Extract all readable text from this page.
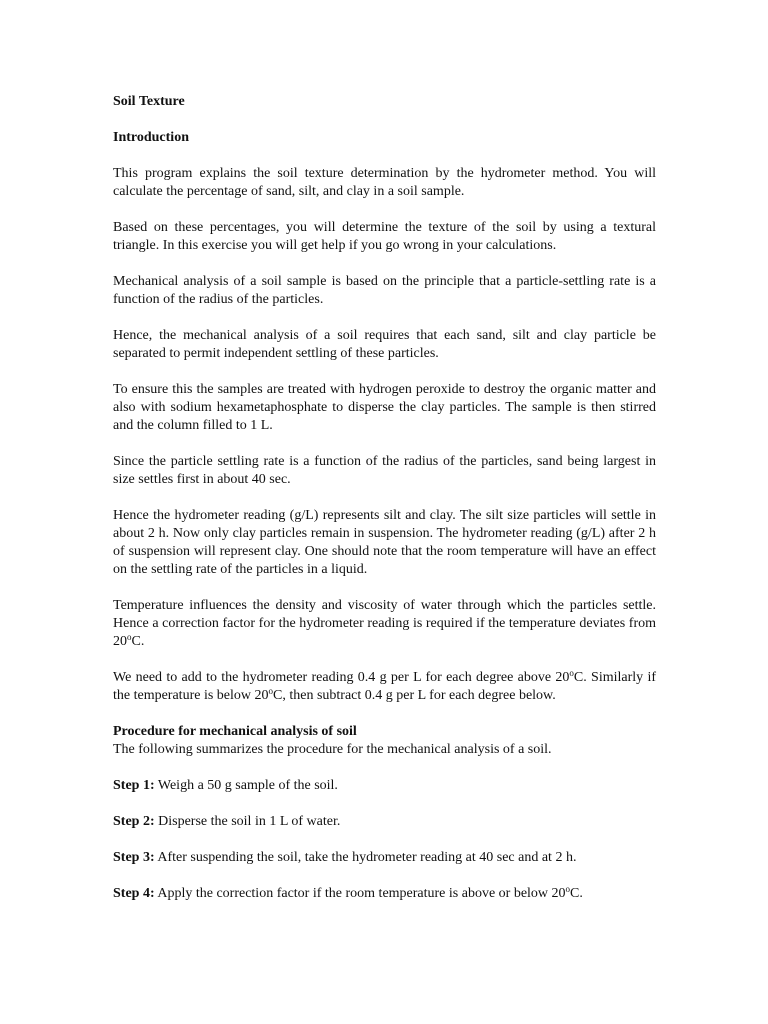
Soil Texture

Introduction

This program explains the soil texture determination by the hydrometer method. You will calculate the percentage of sand, silt, and clay in a soil sample.

Based on these percentages, you will determine the texture of the soil by using a textural triangle. In this exercise you will get help if you go wrong in your calculations.

Mechanical analysis of a soil sample is based on the principle that a particle-settling rate is a function of the radius of the particles.

Hence, the mechanical analysis of a soil requires that each sand, silt and clay particle be separated to permit independent settling of these particles.

To ensure this the samples are treated with hydrogen peroxide to destroy the organic matter and also with sodium hexametaphosphate to disperse the clay particles. The sample is then stirred and the column filled to 1 L.

Since the particle settling rate is a function of the radius of the particles, sand being largest in size settles first in about 40 sec.

Hence the hydrometer reading (g/L) represents silt and clay. The silt size particles will settle in about 2 h. Now only clay particles remain in suspension. The hydrometer reading (g/L) after 2 h of suspension will represent clay. One should note that the room temperature will have an effect on the settling rate of the particles in a liquid.

Temperature influences the density and viscosity of water through which the particles settle. Hence a correction factor for the hydrometer reading is required if the temperature deviates from 20$^o$C.

We need to add to the hydrometer reading 0.4 g per L for each degree above 20$^o$C. Similarly if the temperature is below 20$^o$C, then subtract 0.4 g per L for each degree below.

Procedure for mechanical analysis of soil

The following summarizes the procedure for the mechanical analysis of a soil.

Step 1: Weigh a 50 g sample of the soil.

Step 2: Disperse the soil in 1 L of water.

Step 3: After suspending the soil, take the hydrometer reading at 40 sec and at 2 h.

Step 4: Apply the correction factor if the room temperature is above or below 20$^o$C.
